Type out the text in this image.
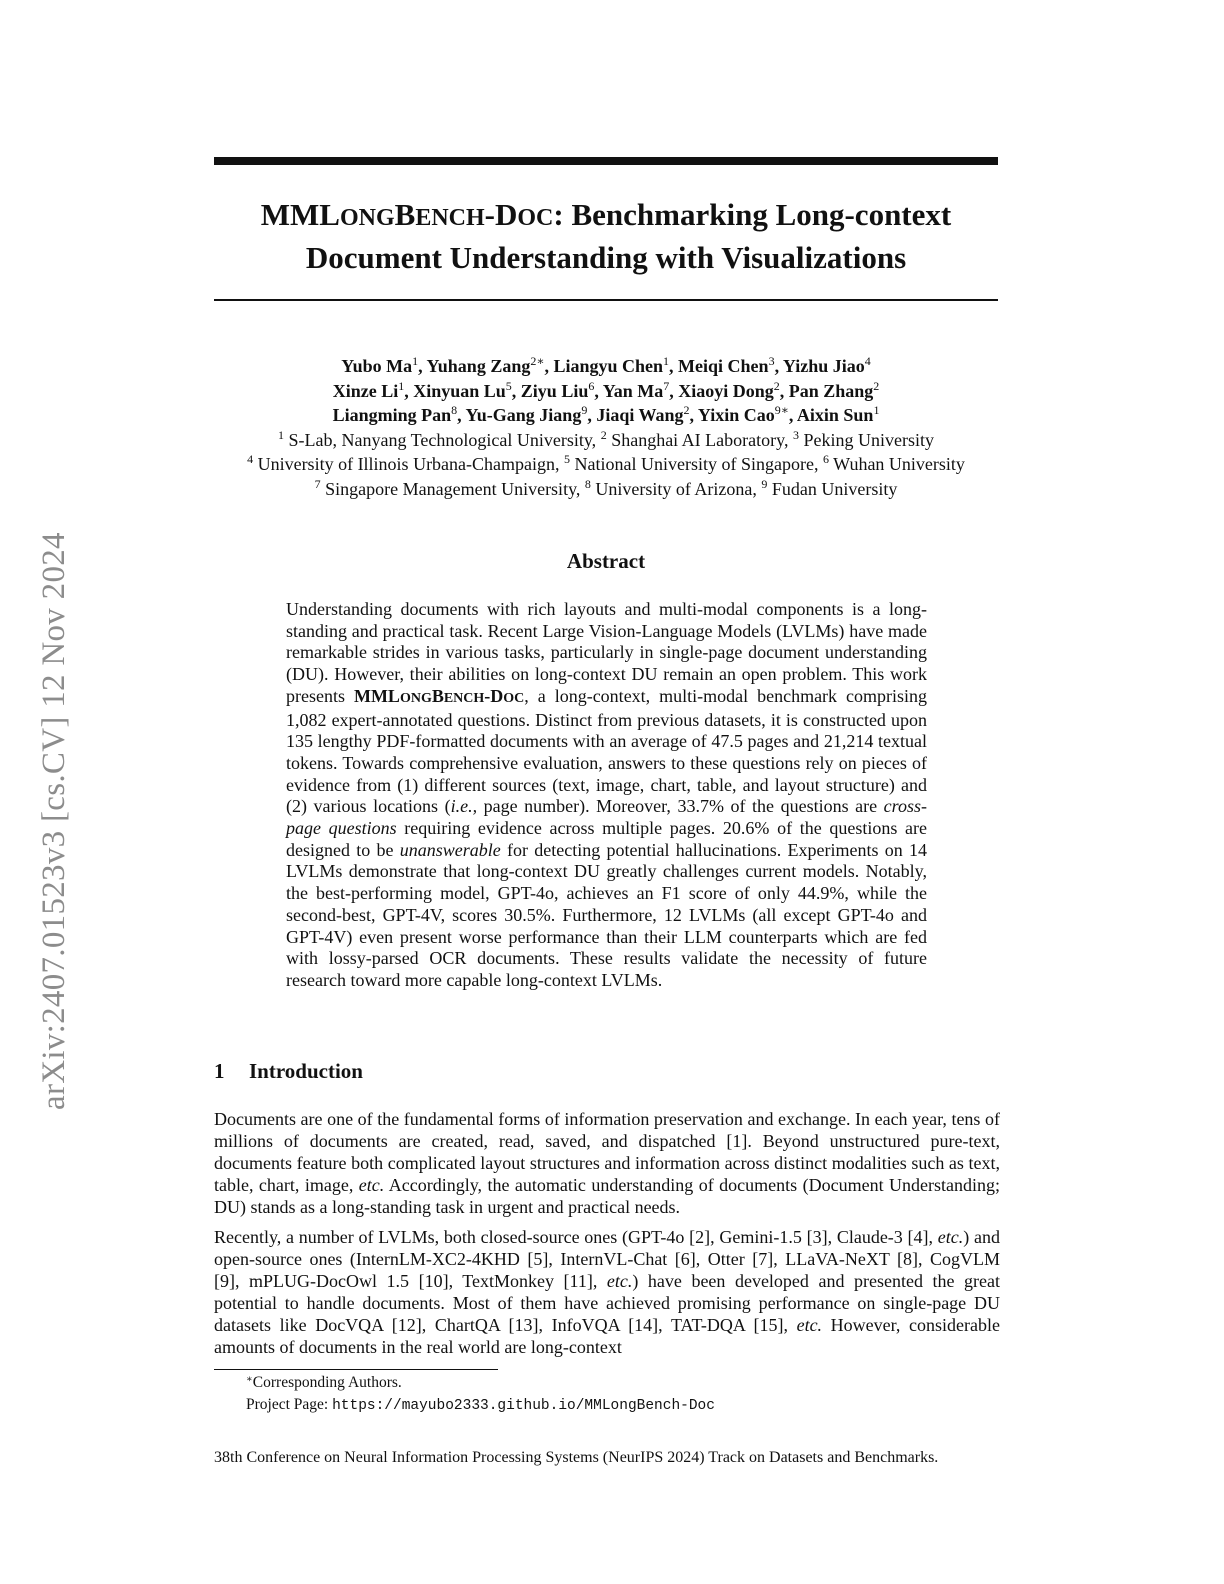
arXiv:2407.01523v3 [cs.CV] 12 Nov 2024
MMLONGBENCH-DOC: Benchmarking Long-context
Document Understanding with Visualizations
Yubo Ma$^1$, Yuhang Zang$^{2∗}$, Liangyu Chen$^1$, Meiqi Chen$^3$, Yizhu Jiao$^4$
Xinze Li$^1$, Xinyuan Lu$^5$, Ziyu Liu$^6$, Yan Ma$^7$, Xiaoyi Dong$^2$, Pan Zhang$^2$
Liangming Pan$^8$, Yu-Gang Jiang$^9$, Jiaqi Wang$^2$, Yixin Cao$^{9∗}$, Aixin Sun$^1$
$^1$ S-Lab, Nanyang Technological University, $^2$ Shanghai AI Laboratory, $^3$ Peking University
$^4$ University of Illinois Urbana-Champaign, $^5$ National University of Singapore, $^6$ Wuhan University
$^7$ Singapore Management University, $^8$ University of Arizona, $^9$ Fudan University
Abstract
Understanding documents with rich layouts and multi-modal components is a long-standing and practical task. Recent Large Vision-Language Models (LVLMs) have made remarkable strides in various tasks, particularly in single-page document understanding (DU). However, their abilities on long-context DU remain an open problem. This work presents MMLONGBENCH-DOC, a long-context, multi-modal benchmark comprising 1,082 expert-annotated questions. Distinct from previous datasets, it is constructed upon 135 lengthy PDF-formatted documents with an average of 47.5 pages and 21,214 textual tokens. Towards comprehensive evaluation, answers to these questions rely on pieces of evidence from (1) different sources (text, image, chart, table, and layout structure) and (2) various locations (i.e., page number). Moreover, 33.7% of the questions are cross-page questions requiring evidence across multiple pages. 20.6% of the questions are designed to be unanswerable for detecting potential hallucinations. Experiments on 14 LVLMs demonstrate that long-context DU greatly challenges current models. Notably, the best-performing model, GPT-4o, achieves an F1 score of only 44.9%, while the second-best, GPT-4V, scores 30.5%. Furthermore, 12 LVLMs (all except GPT-4o and GPT-4V) even present worse performance than their LLM counterparts which are fed with lossy-parsed OCR documents. These results validate the necessity of future research toward more capable long-context LVLMs.
1 Introduction
Documents are one of the fundamental forms of information preservation and exchange. In each year, tens of millions of documents are created, read, saved, and dispatched [1]. Beyond unstructured pure-text, documents feature both complicated layout structures and information across distinct modalities such as text, table, chart, image, etc. Accordingly, the automatic understanding of documents (Document Understanding; DU) stands as a long-standing task in urgent and practical needs.
Recently, a number of LVLMs, both closed-source ones (GPT-4o [2], Gemini-1.5 [3], Claude-3 [4], etc.) and open-source ones (InternLM-XC2-4KHD [5], InternVL-Chat [6], Otter [7], LLaVA-NeXT [8], CogVLM [9], mPLUG-DocOwl 1.5 [10], TextMonkey [11], etc.) have been developed and presented the great potential to handle documents. Most of them have achieved promising performance on single-page DU datasets like DocVQA [12], ChartQA [13], InfoVQA [14], TAT-DQA [15], etc. However, considerable amounts of documents in the real world are long-context
∗Corresponding Authors.
Project Page: https://mayubo2333.github.io/MMLongBench-Doc
38th Conference on Neural Information Processing Systems (NeurIPS 2024) Track on Datasets and Benchmarks.
